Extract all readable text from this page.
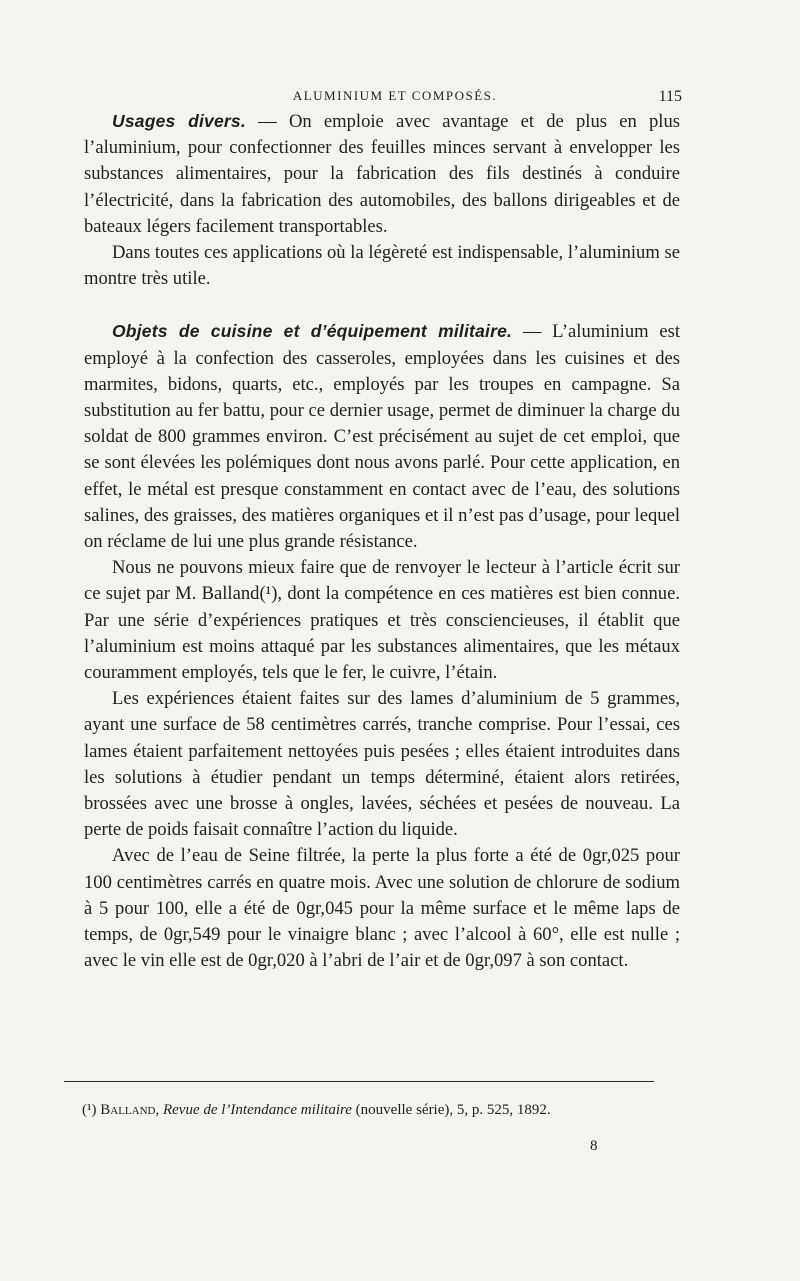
ALUMINIUM ET COMPOSÉS.	115

Usages divers. — On emploie avec avantage et de plus en plus l’aluminium, pour confectionner des feuilles minces servant à envelopper les substances alimentaires, pour la fabrication des fils destinés à conduire l’électricité, dans la fabrication des automobiles, des ballons dirigeables et de bateaux légers facilement transportables.

Dans toutes ces applications où la légèreté est indispensable, l’aluminium se montre très utile.

Objets de cuisine et d’équipement militaire. — L’aluminium est employé à la confection des casseroles, employées dans les cuisines et des marmites, bidons, quarts, etc., employés par les troupes en campagne. Sa substitution au fer battu, pour ce dernier usage, permet de diminuer la charge du soldat de 800 grammes environ. C’est précisément au sujet de cet emploi, que se sont élevées les polémiques dont nous avons parlé. Pour cette application, en effet, le métal est presque constamment en contact avec de l’eau, des solutions salines, des graisses, des matières organiques et il n’est pas d’usage, pour lequel on réclame de lui une plus grande résistance.

Nous ne pouvons mieux faire que de renvoyer le lecteur à l’article écrit sur ce sujet par M. Balland(¹), dont la compétence en ces matières est bien connue. Par une série d’expériences pratiques et très consciencieuses, il établit que l’aluminium est moins attaqué par les substances alimentaires, que les métaux couramment employés, tels que le fer, le cuivre, l’étain.

Les expériences étaient faites sur des lames d’aluminium de 5 grammes, ayant une surface de 58 centimètres carrés, tranche comprise. Pour l’essai, ces lames étaient parfaitement nettoyées puis pesées ; elles étaient introduites dans les solutions à étudier pendant un temps déterminé, étaient alors retirées, brossées avec une brosse à ongles, lavées, séchées et pesées de nouveau. La perte de poids faisait connaître l’action du liquide.

Avec de l’eau de Seine filtrée, la perte la plus forte a été de 0gr,025 pour 100 centimètres carrés en quatre mois. Avec une solution de chlorure de sodium à 5 pour 100, elle a été de 0gr,045 pour la même surface et le même laps de temps, de 0gr,549 pour le vinaigre blanc ; avec l’alcool à 60°, elle est nulle ; avec le vin elle est de 0gr,020 à l’abri de l’air et de 0gr,097 à son contact.

(¹) Balland, Revue de l’Intendance militaire (nouvelle série), 5, p. 525, 1892.
8
